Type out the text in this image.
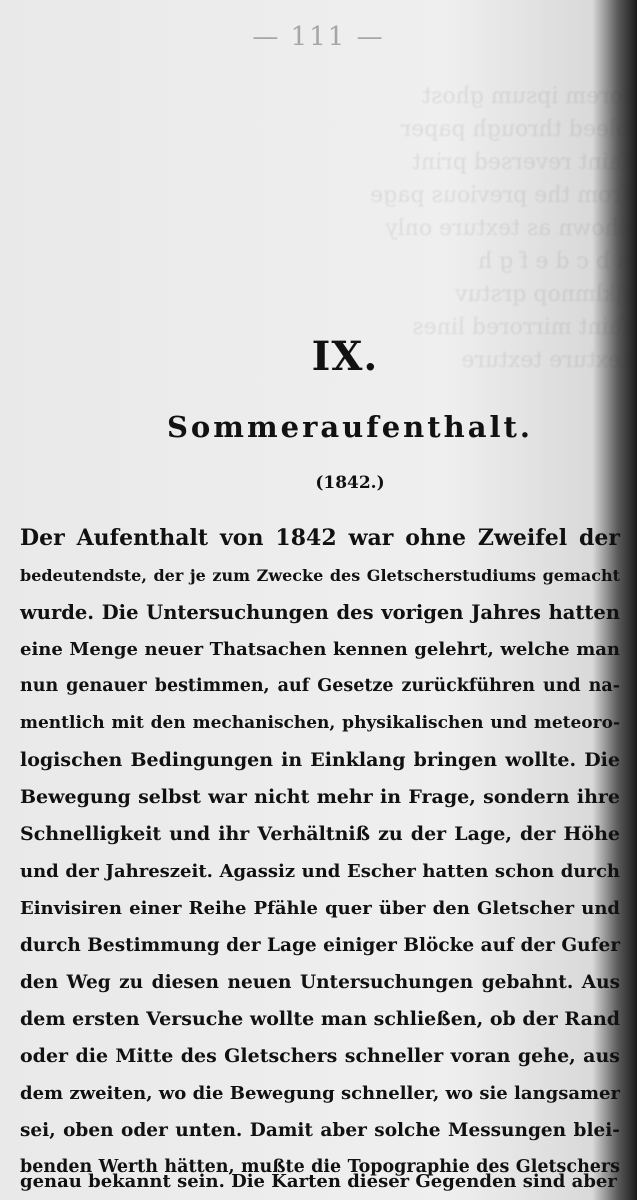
lorem ipsum ghost
bleed through paper
faint reversed print
from the previous page
shown as texture only
a b c d e f g h
ijklmnop qrstuv
faint mirrored lines
texture texture
— 111 —
IX.
Sommeraufenthalt.
(1842.)
Der Aufenthalt von 1842 war ohne Zweifel der
bedeutendste, der je zum Zwecke des Gletscherstudiums gemacht
wurde. Die Untersuchungen des vorigen Jahres hatten
eine Menge neuer Thatsachen kennen gelehrt, welche man
nun genauer bestimmen, auf Gesetze zurückführen und na-
mentlich mit den mechanischen, physikalischen und meteoro-
logischen Bedingungen in Einklang bringen wollte. Die
Bewegung selbst war nicht mehr in Frage, sondern ihre
Schnelligkeit und ihr Verhältniß zu der Lage, der Höhe
und der Jahreszeit. Agassiz und Escher hatten schon durch
Einvisiren einer Reihe Pfähle quer über den Gletscher und
durch Bestimmung der Lage einiger Blöcke auf der Gufer
den Weg zu diesen neuen Untersuchungen gebahnt. Aus
dem ersten Versuche wollte man schließen, ob der Rand
oder die Mitte des Gletschers schneller voran gehe, aus
dem zweiten, wo die Bewegung schneller, wo sie langsamer
sei, oben oder unten. Damit aber solche Messungen blei-
benden Werth hätten, mußte die Topographie des Gletschers
genau bekannt sein. Die Karten dieser Gegenden sind aber
